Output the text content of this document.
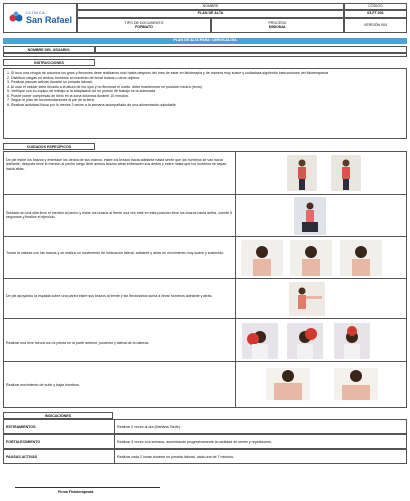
CLÍNICA
San Rafael
NOMBRE
PLAN DE ALTA
CÓDIGO
03-FT-001
TIPO DE DOCUMENTO
FORMATO
PROCESO
MISIONAL
VERSIÓN 004
PLAN DE ALTA PARA: CERVICALGIA
NOMBRE DEL USUARIO:
INSTRUCCIONES
1. Si tuvo una cirugía de columna los giros y flexiones debe realizarlos solo hasta después del mes de estar en fisioterapia y de manera muy suave y cuidadosa siguiendo instrucciones del fisioterapeuta
2. Distribuir cargas en ambos hombros al momento de llevar bolsos u otros objetos.
3. Realizar pausas activas durante su jornada laboral.
4. Al usar el celular debe llevarlo a la altura de los ojos y no flexionar el cuello, debe mantenerse en posición neutra (recto)
5. Verifique con su equipo de trabajo si la adaptación de su puesto de trabajo es la adecuada
6. Puede poner compresas de hielo en la zona dolorosa durante 15 minutos.
7. Seguir el plan de recomendaciones al pie de la letra.
8. Realizar actividad física por lo menos 3 veces a la semana acompañado de una alimentación saludable
CUIDADOS ESPECÍFICOS
De pie estire los brazos y entrelace los dedos de sus manos, estire los brazos hacia adelante hasta sentir que los hombros se van hacia adelante, después lleve le mentón al pecho luego lleve ambos brazos atrás entrelacen sus dedos y estire hasta que los hombros se vayan hacia atrás.
Sentado en una silla lleve el mentón al pecho y estire los brazos al frente una vez esté en esta posición lleve los brazos hacia arriba, cuente 5 segundos y finalice el ejercicio.
Tomar la cabeza con las manos y se realiza un movimiento de inclinación lateral, adelante y atrás en movimiento muy suave y sostenido.
De pie apoyando la espalda sobre una pared estire sus brazos al frente y sin flexionarlos suma a llevar hombros adelante y atrás.
Realizar una leve fuerza con la pelota en la parte anterior, posterior y lateral de la cabeza.
Realizar movimiento de subir y bajar hombros.
INDICACIONES
ESTIRAMIENTOS	Realizar 2 veces al día (Mañana-Tarde).
FORTALECIMIENTO	Realizar 3 veces a la semana, aumentando progresivamente la cantidad de series y repeticiones.
PAUSAS ACTIVAS	Realizar cada 2 horas durante su jornada laboral, cada una de 7 minutos.
Firma Fisioterapeuta
